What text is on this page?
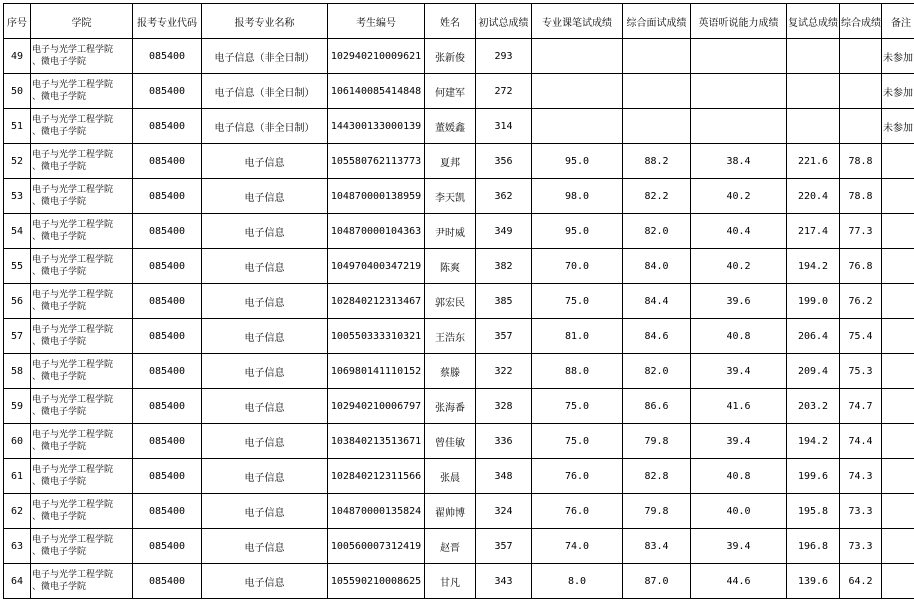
序号	学院	报考专业代码	报考专业名称	考生编号	姓名	初试总成绩	专业课笔试成绩	综合面试成绩	英语听说能力成绩	复试总成绩	综合成绩	备注
49	电子与光学工程学院
、微电子学院	085400	电子信息（非全日制）	102940210009621	张新俊	293						未参加
50	电子与光学工程学院
、微电子学院	085400	电子信息（非全日制）	106140085414848	何建军	272						未参加
51	电子与光学工程学院
、微电子学院	085400	电子信息（非全日制）	144300133000139	董媛鑫	314						未参加
52	电子与光学工程学院
、微电子学院	085400	电子信息	105580762113773	夏邦	356	95.0	88.2	38.4	221.6	78.8	
53	电子与光学工程学院
、微电子学院	085400	电子信息	104870000138959	李天凯	362	98.0	82.2	40.2	220.4	78.8	
54	电子与光学工程学院
、微电子学院	085400	电子信息	104870000104363	尹时威	349	95.0	82.0	40.4	217.4	77.3	
55	电子与光学工程学院
、微电子学院	085400	电子信息	104970400347219	陈爽	382	70.0	84.0	40.2	194.2	76.8	
56	电子与光学工程学院
、微电子学院	085400	电子信息	102840212313467	郭宏民	385	75.0	84.4	39.6	199.0	76.2	
57	电子与光学工程学院
、微电子学院	085400	电子信息	100550333310321	王浩东	357	81.0	84.6	40.8	206.4	75.4	
58	电子与光学工程学院
、微电子学院	085400	电子信息	106980141110152	蔡滕	322	88.0	82.0	39.4	209.4	75.3	
59	电子与光学工程学院
、微电子学院	085400	电子信息	102940210006797	张海番	328	75.0	86.6	41.6	203.2	74.7	
60	电子与光学工程学院
、微电子学院	085400	电子信息	103840213513671	曾佳敏	336	75.0	79.8	39.4	194.2	74.4	
61	电子与光学工程学院
、微电子学院	085400	电子信息	102840212311566	张晨	348	76.0	82.8	40.8	199.6	74.3	
62	电子与光学工程学院
、微电子学院	085400	电子信息	104870000135824	翟帅博	324	76.0	79.8	40.0	195.8	73.3	
63	电子与光学工程学院
、微电子学院	085400	电子信息	100560007312419	赵晋	357	74.0	83.4	39.4	196.8	73.3	
64	电子与光学工程学院
、微电子学院	085400	电子信息	105590210008625	甘凡	343	8.0	87.0	44.6	139.6	64.2	
